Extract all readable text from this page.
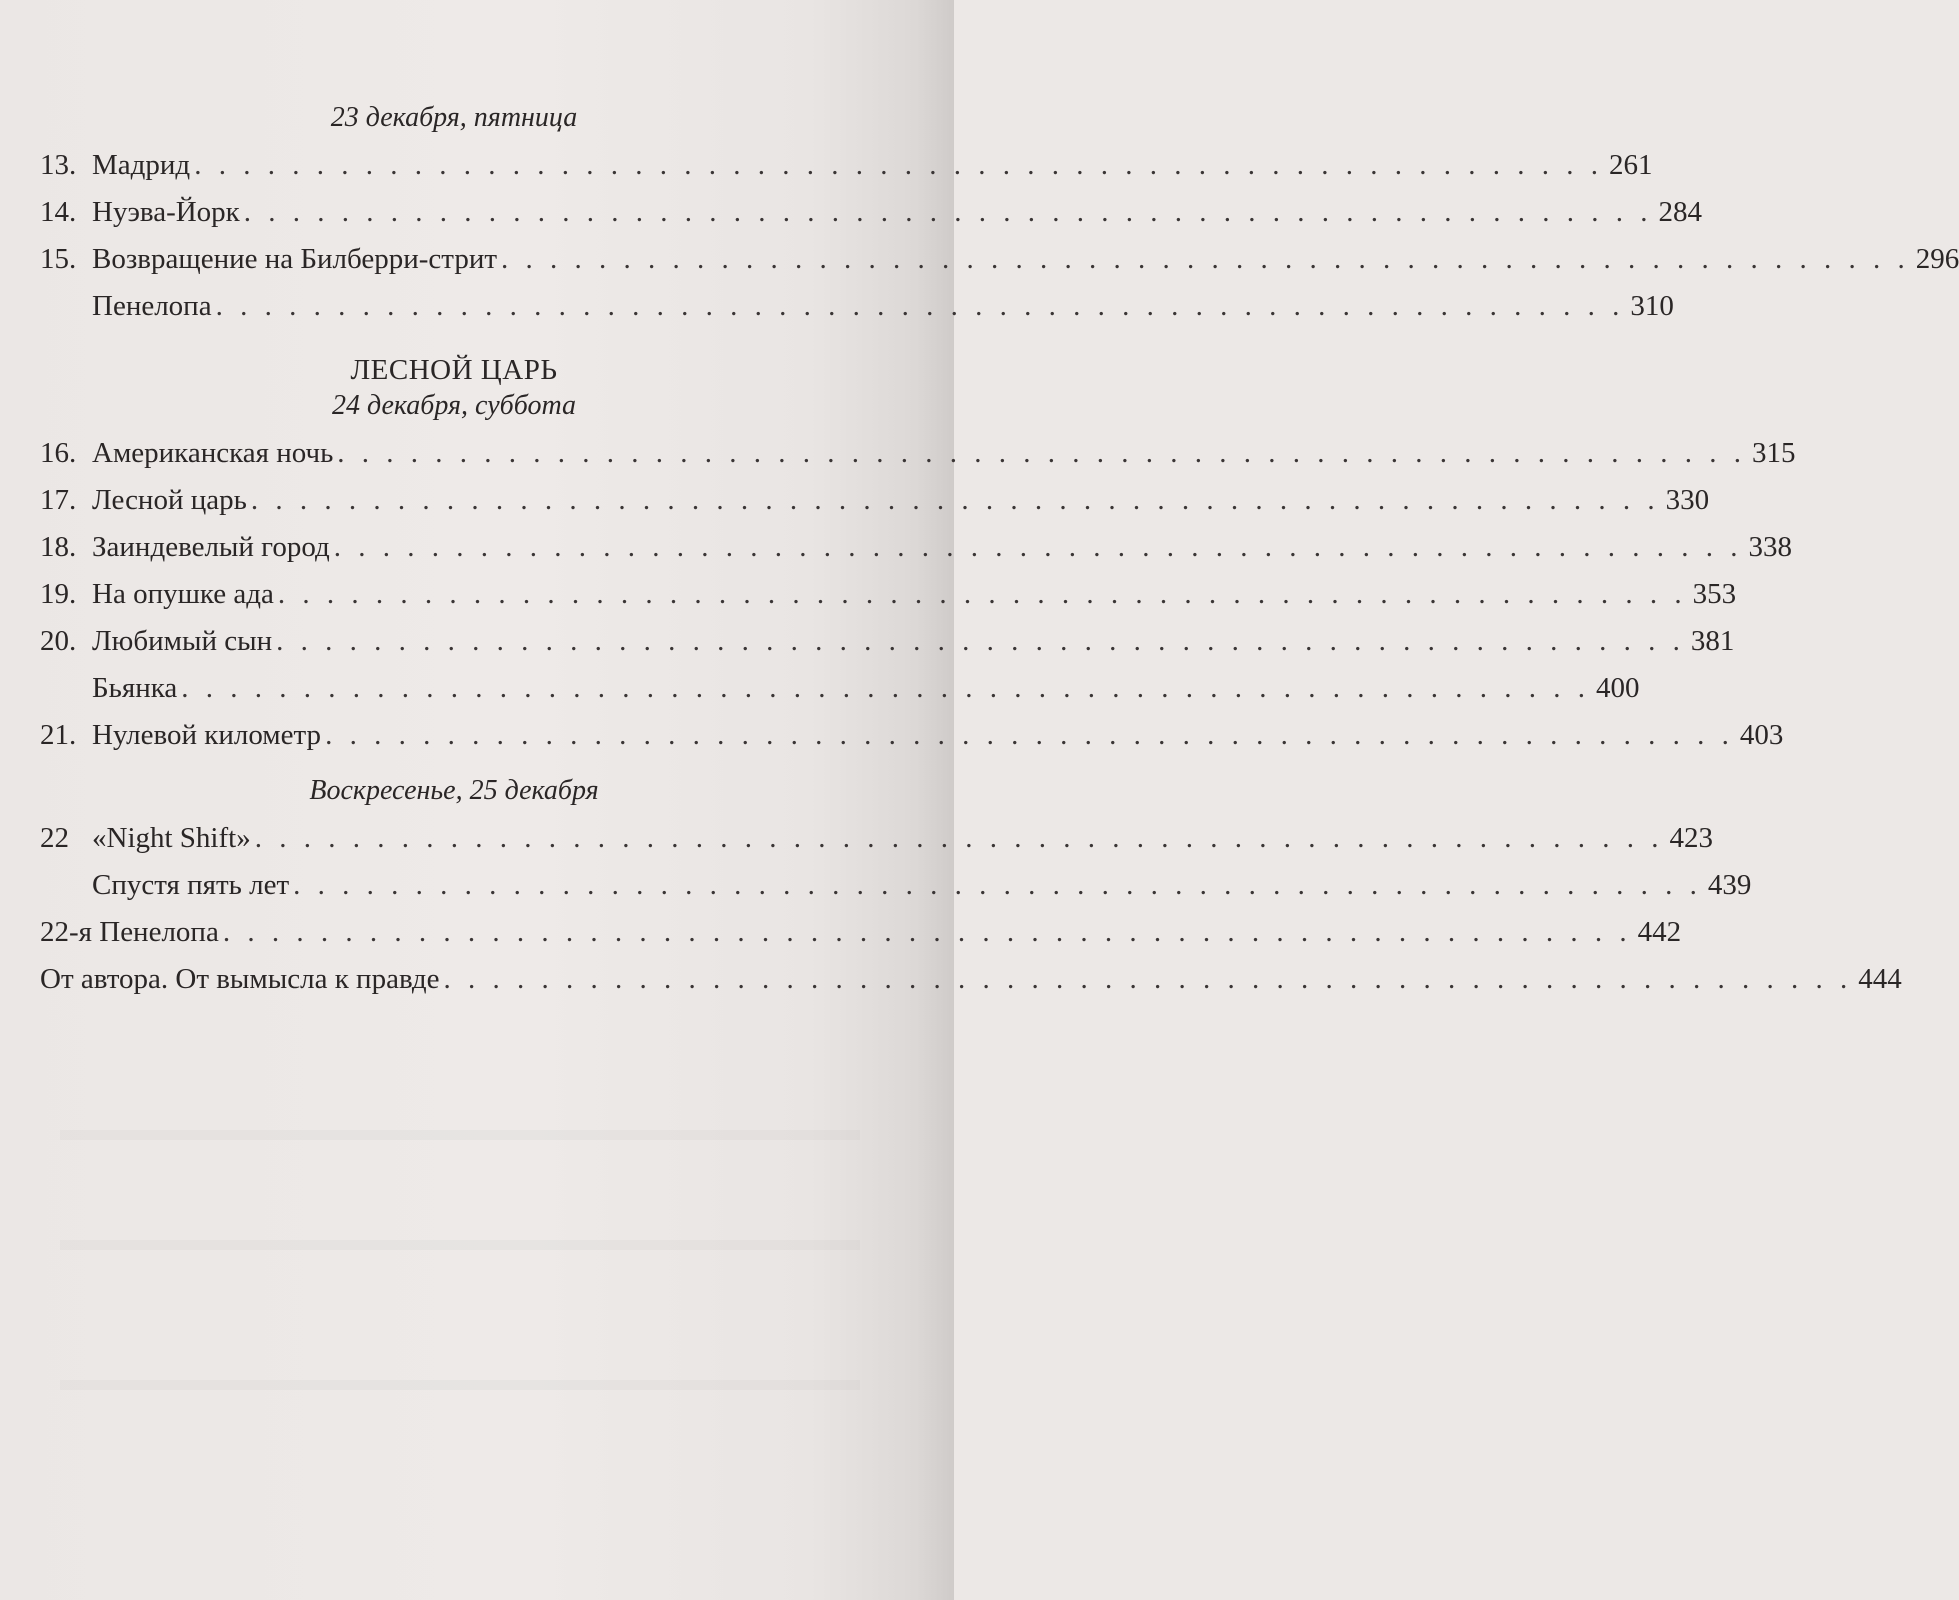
23 декабря, пятница
13. Мадрид . . . . . . . . . . . . . . . . . . . . . . . . . . . . . . . . . . . . . . . . . . . . . . . . . . . . . . . . . . 261
14. Нуэва-Йорк . . . . . . . . . . . . . . . . . . . . . . . . . . . . . . . . . . . . . . . . . . . . . . . . . . . . . . . . . . 284
15. Возвращение на Билберри-стрит . . . . . . . . . . . . . . . . . . . . . . . . . . . . . . . . . . . . . . . . . . . . . . . . . . . . . . . . . . 296
Пенелопа . . . . . . . . . . . . . . . . . . . . . . . . . . . . . . . . . . . . . . . . . . . . . . . . . . . . . . . . . . 310
ЛЕСНОЙ ЦАРЬ
24 декабря, суббота
16. Американская ночь . . . . . . . . . . . . . . . . . . . . . . . . . . . . . . . . . . . . . . . . . . . . . . . . . . . . . . . . . . 315
17. Лесной царь . . . . . . . . . . . . . . . . . . . . . . . . . . . . . . . . . . . . . . . . . . . . . . . . . . . . . . . . . . 330
18. Заиндевелый город . . . . . . . . . . . . . . . . . . . . . . . . . . . . . . . . . . . . . . . . . . . . . . . . . . . . . . . . . . 338
19. На опушке ада . . . . . . . . . . . . . . . . . . . . . . . . . . . . . . . . . . . . . . . . . . . . . . . . . . . . . . . . . . 353
20. Любимый сын . . . . . . . . . . . . . . . . . . . . . . . . . . . . . . . . . . . . . . . . . . . . . . . . . . . . . . . . . . 381
Бьянка . . . . . . . . . . . . . . . . . . . . . . . . . . . . . . . . . . . . . . . . . . . . . . . . . . . . . . . . . . 400
21. Нулевой километр . . . . . . . . . . . . . . . . . . . . . . . . . . . . . . . . . . . . . . . . . . . . . . . . . . . . . . . . . . 403
Воскресенье, 25 декабря
22 «Night Shift» . . . . . . . . . . . . . . . . . . . . . . . . . . . . . . . . . . . . . . . . . . . . . . . . . . . . . . . . . . 423
Спустя пять лет . . . . . . . . . . . . . . . . . . . . . . . . . . . . . . . . . . . . . . . . . . . . . . . . . . . . . . . . . . 439
22-я Пенелопа . . . . . . . . . . . . . . . . . . . . . . . . . . . . . . . . . . . . . . . . . . . . . . . . . . . . . . . . . . 442
От автора. От вымысла к правде . . . . . . . . . . . . . . . . . . . . . . . . . . . . . . . . . . . . . . . . . . . . . . . . . . . . . . . . . . 444
